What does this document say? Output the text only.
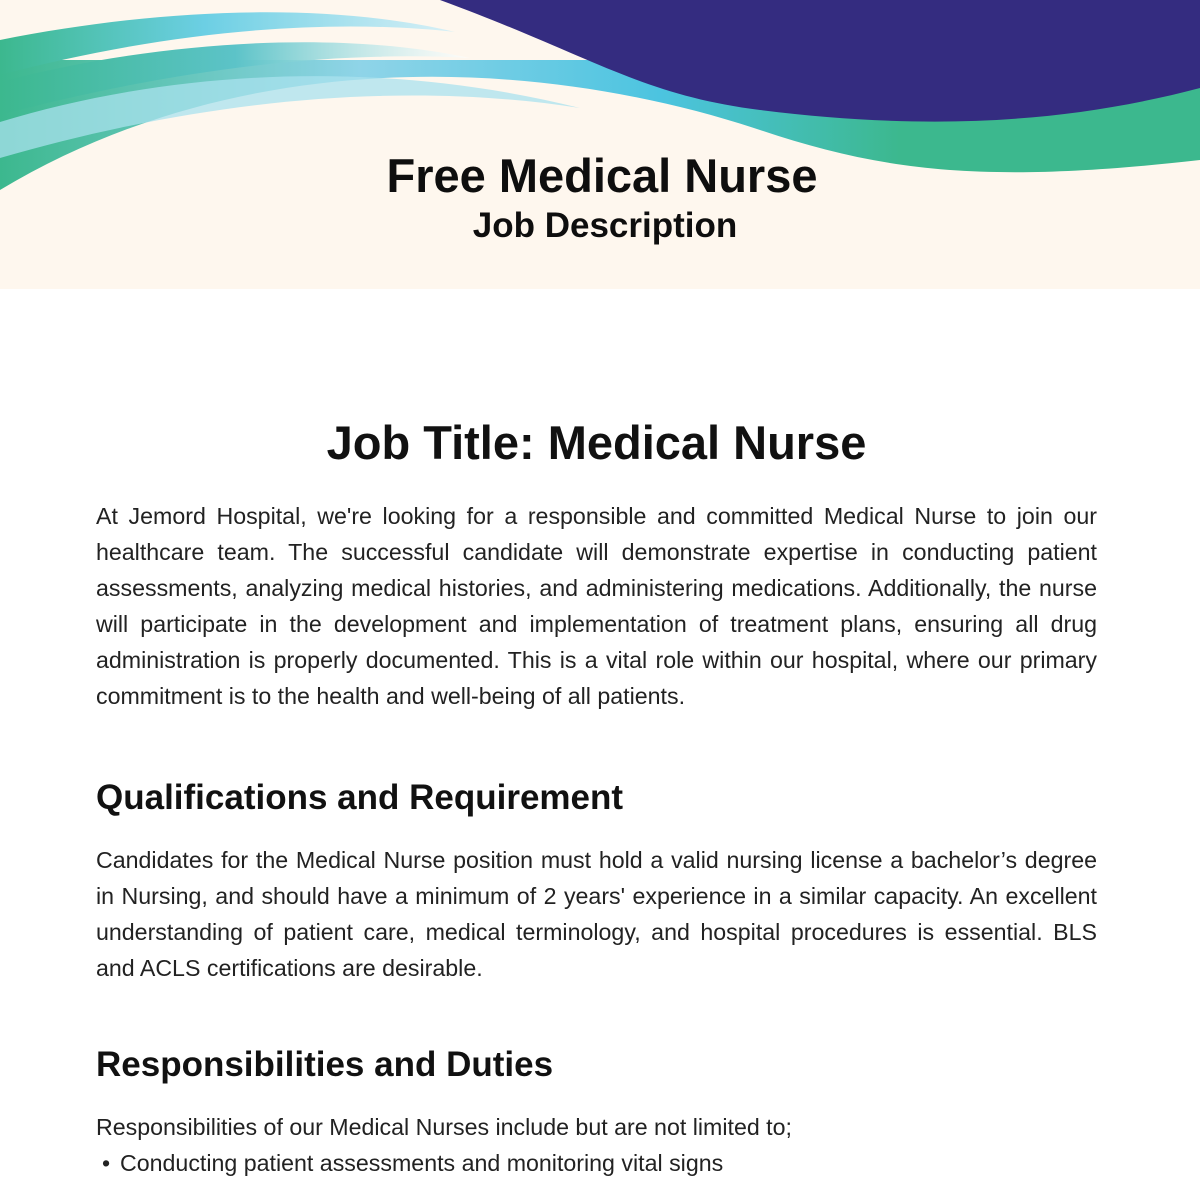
Free Medical Nurse
Job Description
Job Title: Medical Nurse

At Jemord Hospital, we're looking for a responsible and committed Medical Nurse to join our healthcare team. The successful candidate will demonstrate expertise in conducting patient assessments, analyzing medical histories, and administering medications. Additionally, the nurse will participate in the development and implementation of treatment plans, ensuring all drug administration is properly documented. This is a vital role within our hospital, where our primary commitment is to the health and well-being of all patients.

Qualifications and Requirement

Candidates for the Medical Nurse position must hold a valid nursing license a bachelor’s degree in Nursing, and should have a minimum of 2 years' experience in a similar capacity. An excellent understanding of patient care, medical terminology, and hospital procedures is essential. BLS and ACLS certifications are desirable.

Responsibilities and Duties

Responsibilities of our Medical Nurses include but are not limited to;

• Conducting patient assessments and monitoring vital signs
